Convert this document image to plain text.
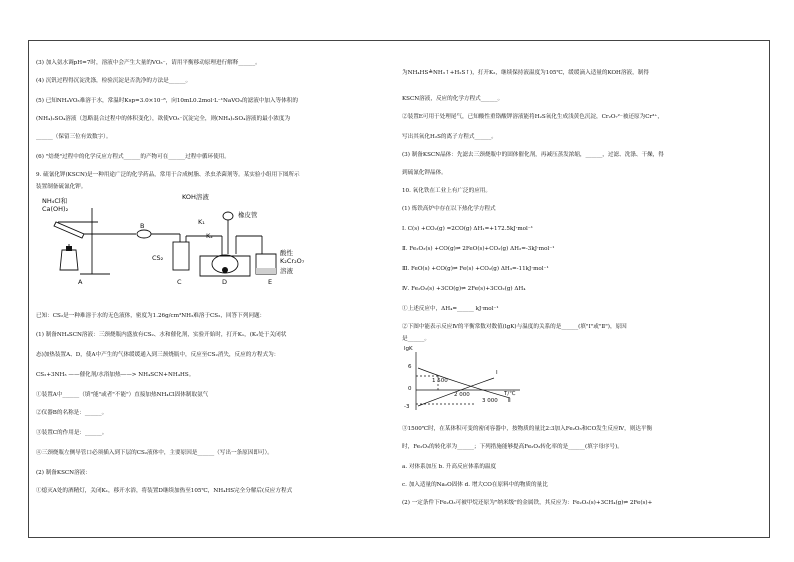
(3) 加入氨水调pH=7时，溶液中会产生大量的VO₃⁻，请用平衡移动原理进行解释______。
(4) 沉钒过程得沉淀洗涤，检验沉淀是否洗净的方法是______。
(5) 已知NH₄VO₃难溶于水，常温时Ksp=3.0×10⁻⁸，向10mL0.2mol·L⁻¹NaVO₃的滤液中加入等体积的
(NH₄)₂SO₄溶液（忽略混合过程中的体积变化），欲使VO₃⁻沉淀完全，则(NH₄)₂SO₄溶液的最小浓度为
______（保留三位有效数字）。
(6) "焙烧"过程中的化学反应方程式______的产物可在______过程中循环使用。
9. 硫氰化钾(KSCN)是一种用途广泛的化学药品，常用于合成树脂、杀虫杀菌剂等。某实验小组用下图所示
装置制备硫氰化钾。
已知：CS₂是一种难溶于水的无色液体，密度为1.26g/cm³NH₃难溶于CS₂，回答下列问题：
(1) 制备NH₄SCN溶液：三颈烧瓶内盛放有CS₂、水和催化剂，实验开始时，打开K₁，(K₂处于关闭状
态)加热装置A、D，使A中产生的气体缓缓通入到三颈烧瓶中，反应至CS₂消失，反应的方程式为：
CS₂+3NH₃ ——催化剂/水浴加热——> NH₄SCN+NH₄HS。
①装置A中______（填"能"或者"不能"）直接加热NH₄Cl固体制取氨气
②仪器B的名称是：______。
③装置C的作用是：______。
④三颈烧瓶左侧导管口必须插入到下层的CS₂液体中，主要原因是______（写出一条原因即可）。
(2) 制备KSCN溶液：
①熄灭A处的酒精灯，关闭K₁，移开水浴，将装置D继续加热至105℃，NH₄HS完全分解后(反应方程式
NH₄Cl和
Ca(OH)₂
A
B
C	D	E
KOH溶液
橡皮管
K₁
K₂
CS₂
酸性
K₂Cr₂O₇
溶液
为NH₄HS≜NH₃↑+H₂S↑)，打开K₂，继续保持液温度为105℃，缓缓滴入适量的KOH溶液，制得
KSCN溶液，反应的化学方程式______。
②装置E可用于处理尾气，已知酸性重铬酸钾溶液能将H₂S氧化生成浅黄色沉淀，Cr₂O₇²⁻被还原为Cr³⁺，
写出其氧化H₂S的离子方程式______。
(3) 制备KSCN晶体：先滤去三颈烧瓶中的固体催化剂，再减压蒸发浓缩，______，过滤、洗涤、干燥，得
到硫氰化钾晶体。
10. 氧化铁在工业上有广泛的应用。
(1) 炼铁高炉中存在以下热化学方程式
Ⅰ. C(s) +CO₂(g) =2CO(g) ΔH₁=+172.5kJ·mol⁻¹
Ⅱ. Fe₂O₃(s) +CO(g)⇌ 2FeO(s)+CO₂(g) ΔH₂=-3kJ·mol⁻¹
Ⅲ. FeO(s) +CO(g)⇌ Fe(s) +CO₂(g) ΔH₃=-11kJ·mol⁻¹
Ⅳ. Fe₂O₃(s) +3CO(g)⇌ 2Fe(s)+3CO₂(g) ΔH₄
①上述反应中，ΔH₄=______ kJ·mol⁻¹
②下图中能表示反应Ⅳ的平衡常数对数值(lgK)与温度的关系的是______(填"Ⅰ"或"Ⅱ")，原因
是______。
③1500℃时，在某体积可变的密闭容器中，按物质的量比2:3加入Fe₂O₃和CO发生反应Ⅳ，则达平衡
时，Fe₂O₃的转化率为______；下列措施能够提高Fe₂O₃转化率的是______(填字母序号)。
a. 对体系加压 b. 升高反应体系的温度
c. 加入适量的Na₂O固体 d. 增大CO在原料中的物质的量比
(2) 一定条件下Fe₂O₃可被甲烷还原为"纳米级"的金属铁，其反应为：Fe₂O₃(s)+3CH₄(g)⇌ 2Fe(s)+
lgK
6
0
-3
1 500
2 000
3 000
T/℃
Ⅰ
Ⅱ
